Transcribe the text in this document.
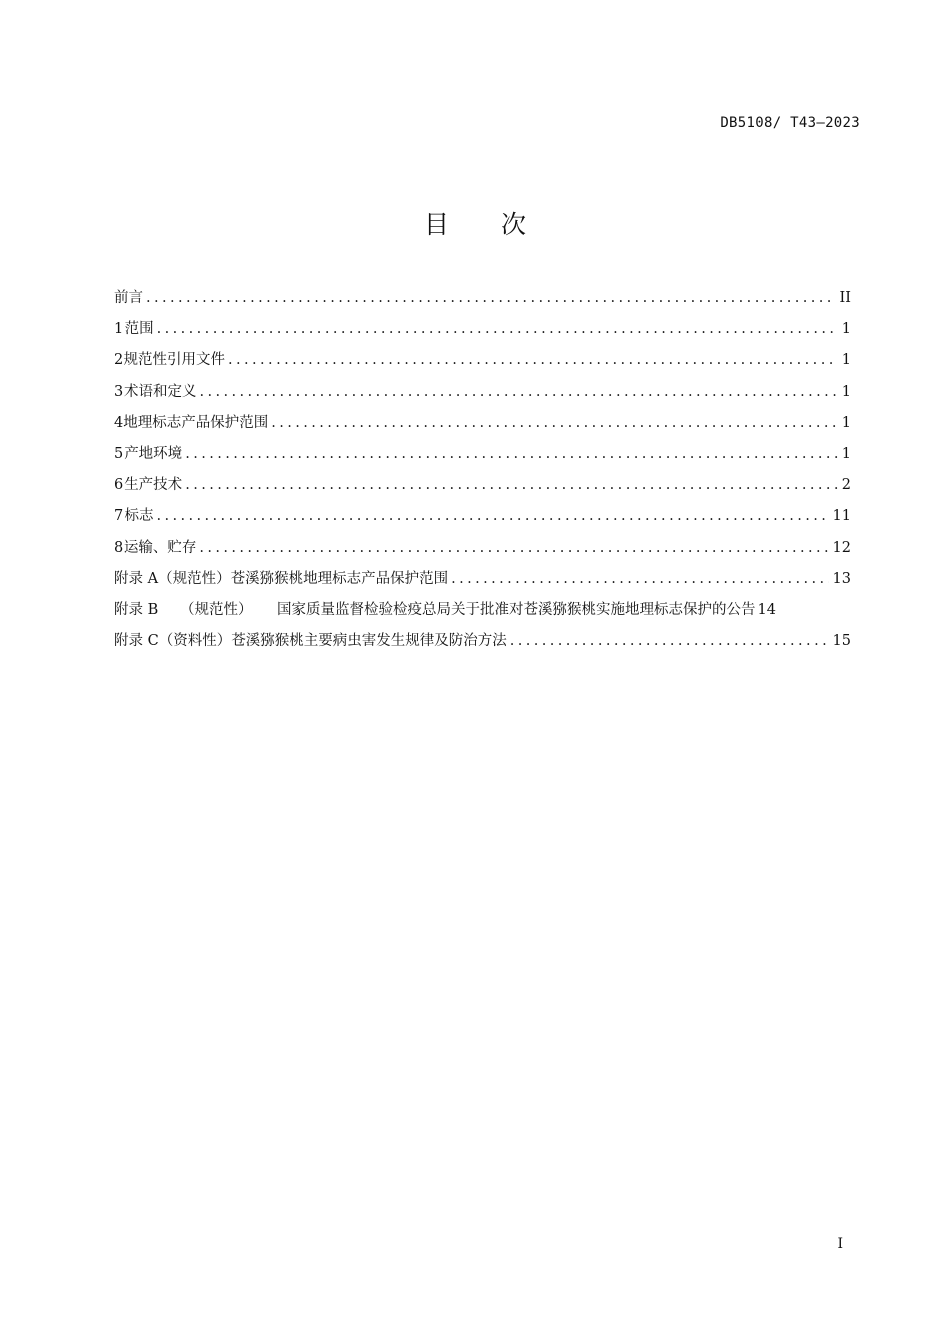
DB5108/ T43—2023
目 次
前言 .....	II
1 范围 .....	1
2 规范性引用文件 .....	1
3 术语和定义 .....	1
4 地理标志产品保护范围 .....	1
5 产地环境 .....	1
6 生产技术 .....	2
7 标志 .....	11
8 运输、贮存 .....	12
附录 A （规范性） 苍溪猕猴桃地理标志产品保护范围 .....	13
附录 B	（规范性）	国家质量监督检验检疫总局关于批准对苍溪猕猴桃实施地理标志保护的公告 14
附录 C （资料性） 苍溪猕猴桃主要病虫害发生规律及防治方法 .....	15
I
